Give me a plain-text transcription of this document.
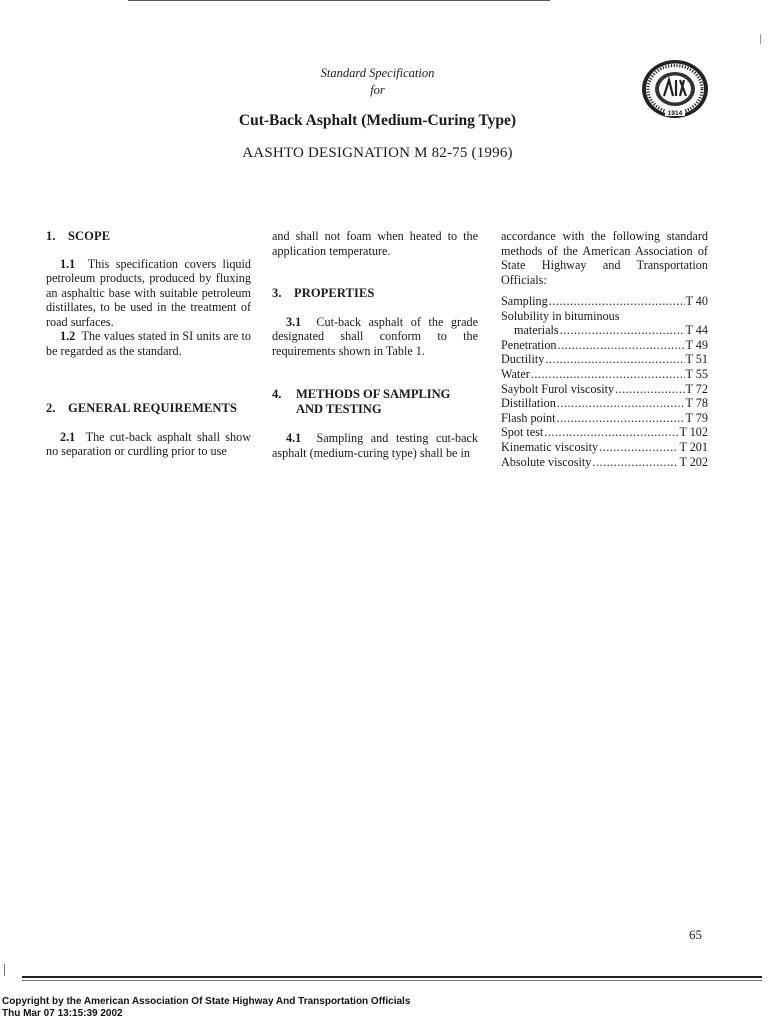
Standard Specification
for
Cut-Back Asphalt (Medium-Curing Type)
AASHTO DESIGNATION M 82-75 (1996)
1914
1. SCOPE

1.1 This specification covers liquid petroleum products, produced by fluxing an asphaltic base with suitable petroleum distillates, to be used in the treatment of road surfaces.

1.2 The values stated in SI units are to be regarded as the standard.

2. GENERAL REQUIREMENTS

2.1 The cut-back asphalt shall show no separation or curdling prior to use

and shall not foam when heated to the application temperature.

3. PROPERTIES

3.1 Cut-back asphalt of the grade designated shall conform to the requirements shown in Table 1.

4. METHODS OF SAMPLING
AND TESTING

4.1 Sampling and testing cut-back asphalt (medium-curing type) shall be in

accordance with the following standard methods of the American Association of State Highway and Transportation Officials:

Sampling .....	T 40
Solubility in bituminous
materials .....	T 44
Penetration .....	T 49
Ductility .....	T 51
Water .....	T 55
Saybolt Furol viscosity .....	T 72
Distillation .....	T 78
Flash point .....	T 79
Spot test .....	T 102
Kinematic viscosity .....	T 201
Absolute viscosity .....	T 202
65
Copyright by the American Association Of State Highway And Transportation Officials
Thu Mar 07 13:15:39 2002
